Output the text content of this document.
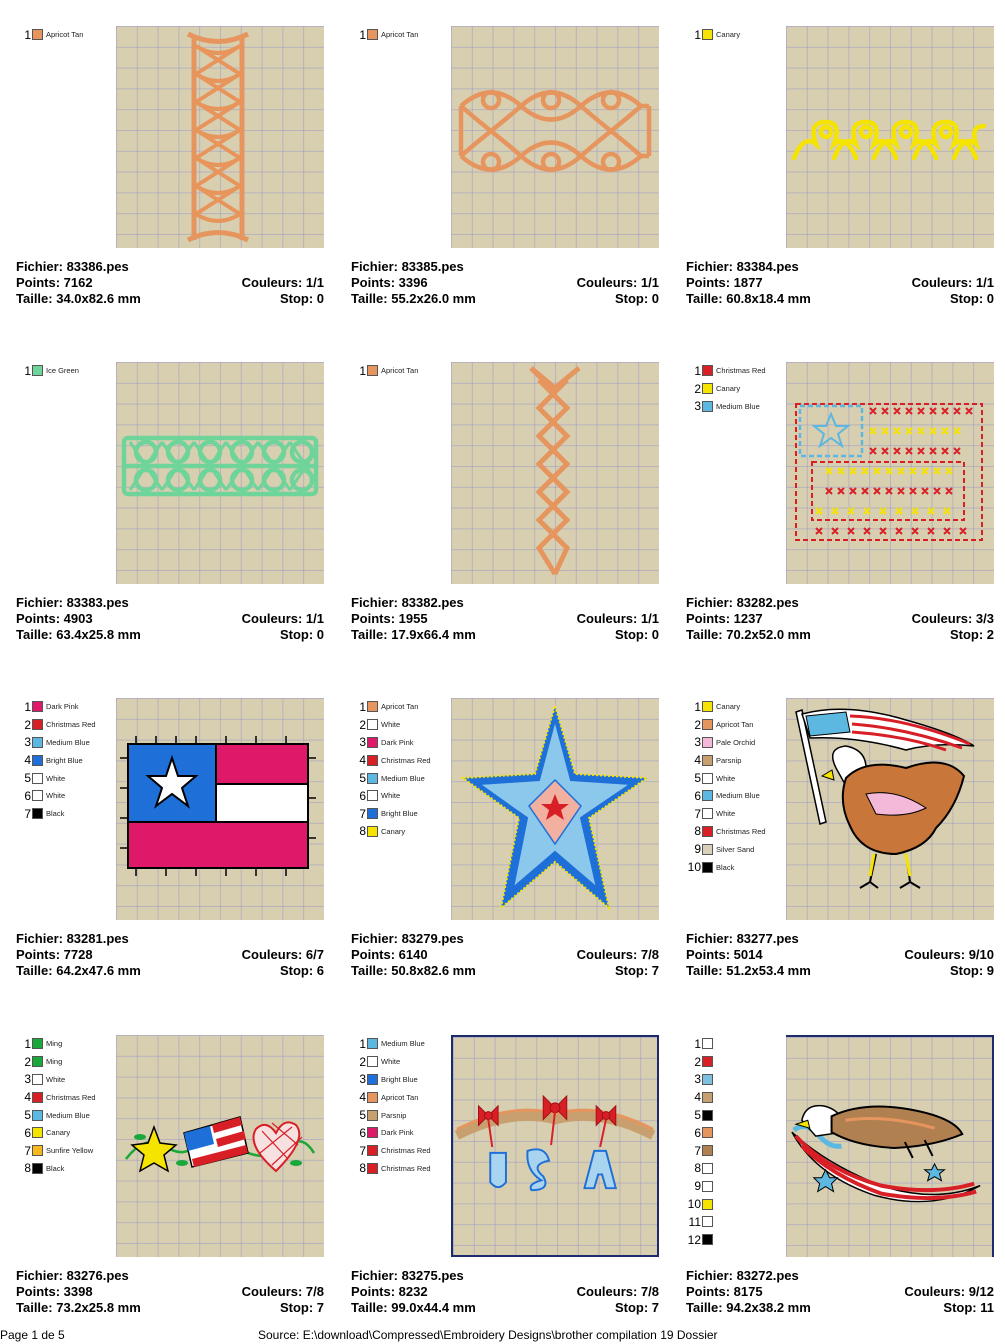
1 Apricot Tan
Fichier: 83386.pes
Points: 7162	Couleurs: 1/1
Taille: 34.0x82.6 mm	Stop: 0
1 Apricot Tan
Fichier: 83385.pes
Points: 3396	Couleurs: 1/1
Taille: 55.2x26.0 mm	Stop: 0
1 Canary
Fichier: 83384.pes
Points: 1877	Couleurs: 1/1
Taille: 60.8x18.4 mm	Stop: 0
1 Ice Green
Fichier: 83383.pes
Points: 4903	Couleurs: 1/1
Taille: 63.4x25.8 mm	Stop: 0
1 Apricot Tan
Fichier: 83382.pes
Points: 1955	Couleurs: 1/1
Taille: 17.9x66.4 mm	Stop: 0
1 Christmas Red
2 Canary
3 Medium Blue
Fichier: 83282.pes
Points: 1237	Couleurs: 3/3
Taille: 70.2x52.0 mm	Stop: 2
1 Dark Pink
2 Christmas Red
3 Medium Blue
4 Bright Blue
5 White
6 White
7 Black
Fichier: 83281.pes
Points: 7728	Couleurs: 6/7
Taille: 64.2x47.6 mm	Stop: 6
1 Apricot Tan
2 White
3 Dark Pink
4 Christmas Red
5 Medium Blue
6 White
7 Bright Blue
8 Canary
Fichier: 83279.pes
Points: 6140	Couleurs: 7/8
Taille: 50.8x82.6 mm	Stop: 7
1 Canary
2 Apricot Tan
3 Pale Orchid
4 Parsnip
5 White
6 Medium Blue
7 White
8 Christmas Red
9 Silver Sand
10 Black
Fichier: 83277.pes
Points: 5014	Couleurs: 9/10
Taille: 51.2x53.4 mm	Stop: 9
1 Ming
2 Ming
3 White
4 Christmas Red
5 Medium Blue
6 Canary
7 Sunfire Yellow
8 Black
Fichier: 83276.pes
Points: 3398	Couleurs: 7/8
Taille: 73.2x25.8 mm	Stop: 7
1 Medium Blue
2 White
3 Bright Blue
4 Apricot Tan
5 Parsnip
6 Dark Pink
7 Christmas Red
8 Christmas Red
Fichier: 83275.pes
Points: 8232	Couleurs: 7/8
Taille: 99.0x44.4 mm	Stop: 7
1
2
3
4
5
6
7
8
9
10
11
12
Fichier: 83272.pes
Points: 8175	Couleurs: 9/12
Taille: 94.2x38.2 mm	Stop: 11
Page 1 de 5	Source: E:\download\Compressed\Embroidery Designs\brother compilation 19 Dossier
